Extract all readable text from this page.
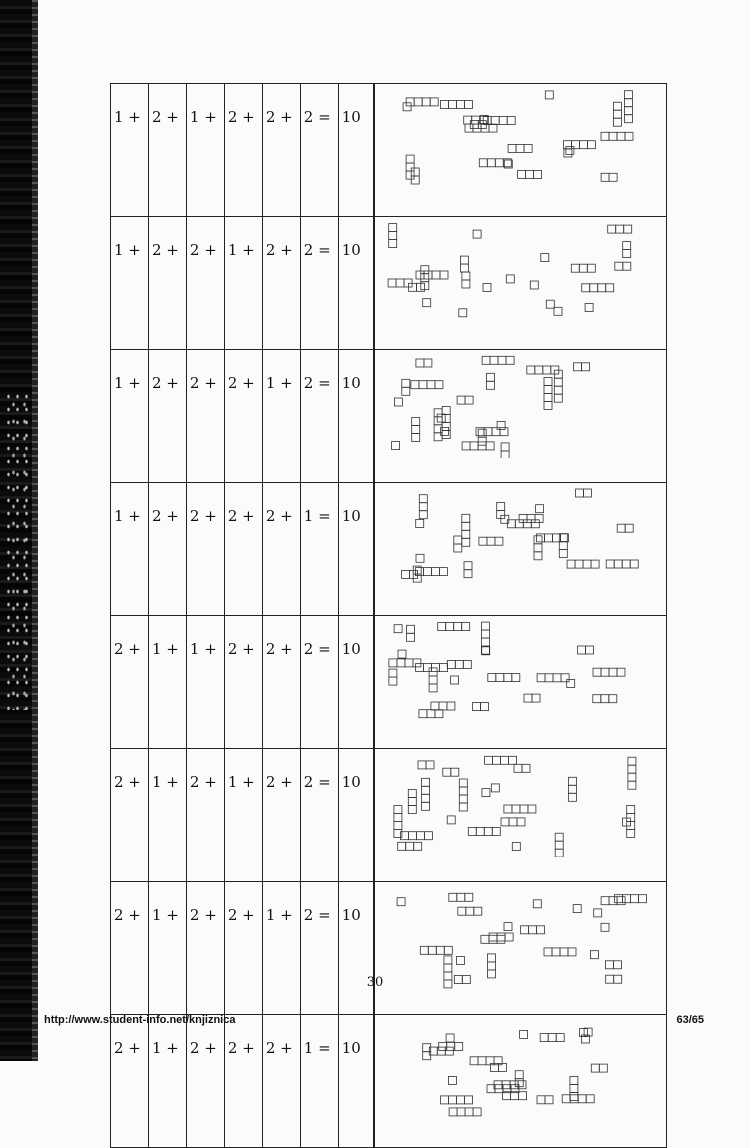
1 +	2 +	1 +	2 +	2 +	2 =	10	

1 +	2 +	2 +	1 +	2 +	2 =	10	

1 +	2 +	2 +	2 +	1 +	2 =	10	

1 +	2 +	2 +	2 +	2 +	1 =	10	

2 +	1 +	1 +	2 +	2 +	2 =	10	

2 +	1 +	2 +	1 +	2 +	2 =	10	

2 +	1 +	2 +	2 +	1 +	2 =	10	

2 +	1 +	2 +	2 +	2 +	1 =	10	
30
http://www.student-info.net/knjiznica	63/65
